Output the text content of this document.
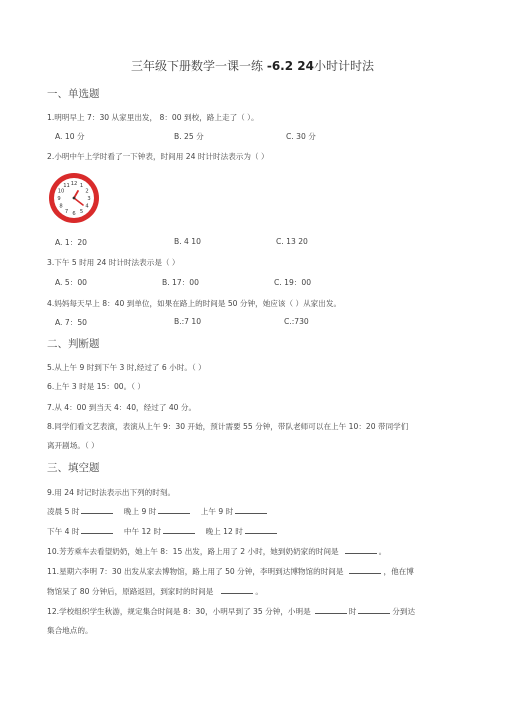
三年级下册数学一课一练 -6.2 24小时计时法
一、单选题
1.明明早上 7：30 从家里出发， 8：00 到校，路上走了（ ）。
A. 10 分	B. 25 分	C. 30 分
2.小明中午上学时看了一下钟表，时间用 24 时计时法表示为（ ）
12 1
2
3
4
5
6
7
8
9
10
11
A. 1：20	B. 4 10	C. 13 20
3.下午 5 时用 24 时计时法表示是（ ）
A. 5：00	B. 17：00	C. 19：00
4.妈妈每天早上 8：40 到单位，如果在路上的时间是 50 分钟，她应该（ ）从家出发。
A. 7：50	B.:7 10	C.:730
二、判断题
5.从上午 9 时到下午 3 时,经过了 6 小时。（ ）
6.上午 3 时是 15：00。（ ）
7.从 4：00 到当天 4：40，经过了 40 分。
8.同学们看文艺表演，表演从上午 9：30 开始，预计需要 55 分钟，带队老师可以在上午 10：20 带同学们
离开剧场。（ ）
三、填空题
9.用 24 时记时法表示出下列的时刻。
凌晨 5 时	晚上 9 时	上午 9 时
下午 4 时	中午 12 时	晚上 12 时
10.芳芳乘车去看望奶奶，她上午 8：15 出发，路上用了 2 小时，她到奶奶家的时间是	。
11.星期六李明 7：30 出发从家去博物馆，路上用了 50 分钟，李明到达博物馆的时间是	，他在博
物馆呆了 80 分钟后，原路返回，到家时的时间是	。
12.学校组织学生秋游，规定集合时间是 8：30，小明早到了 35 分钟，小明是	时	分到达
集合地点的。
